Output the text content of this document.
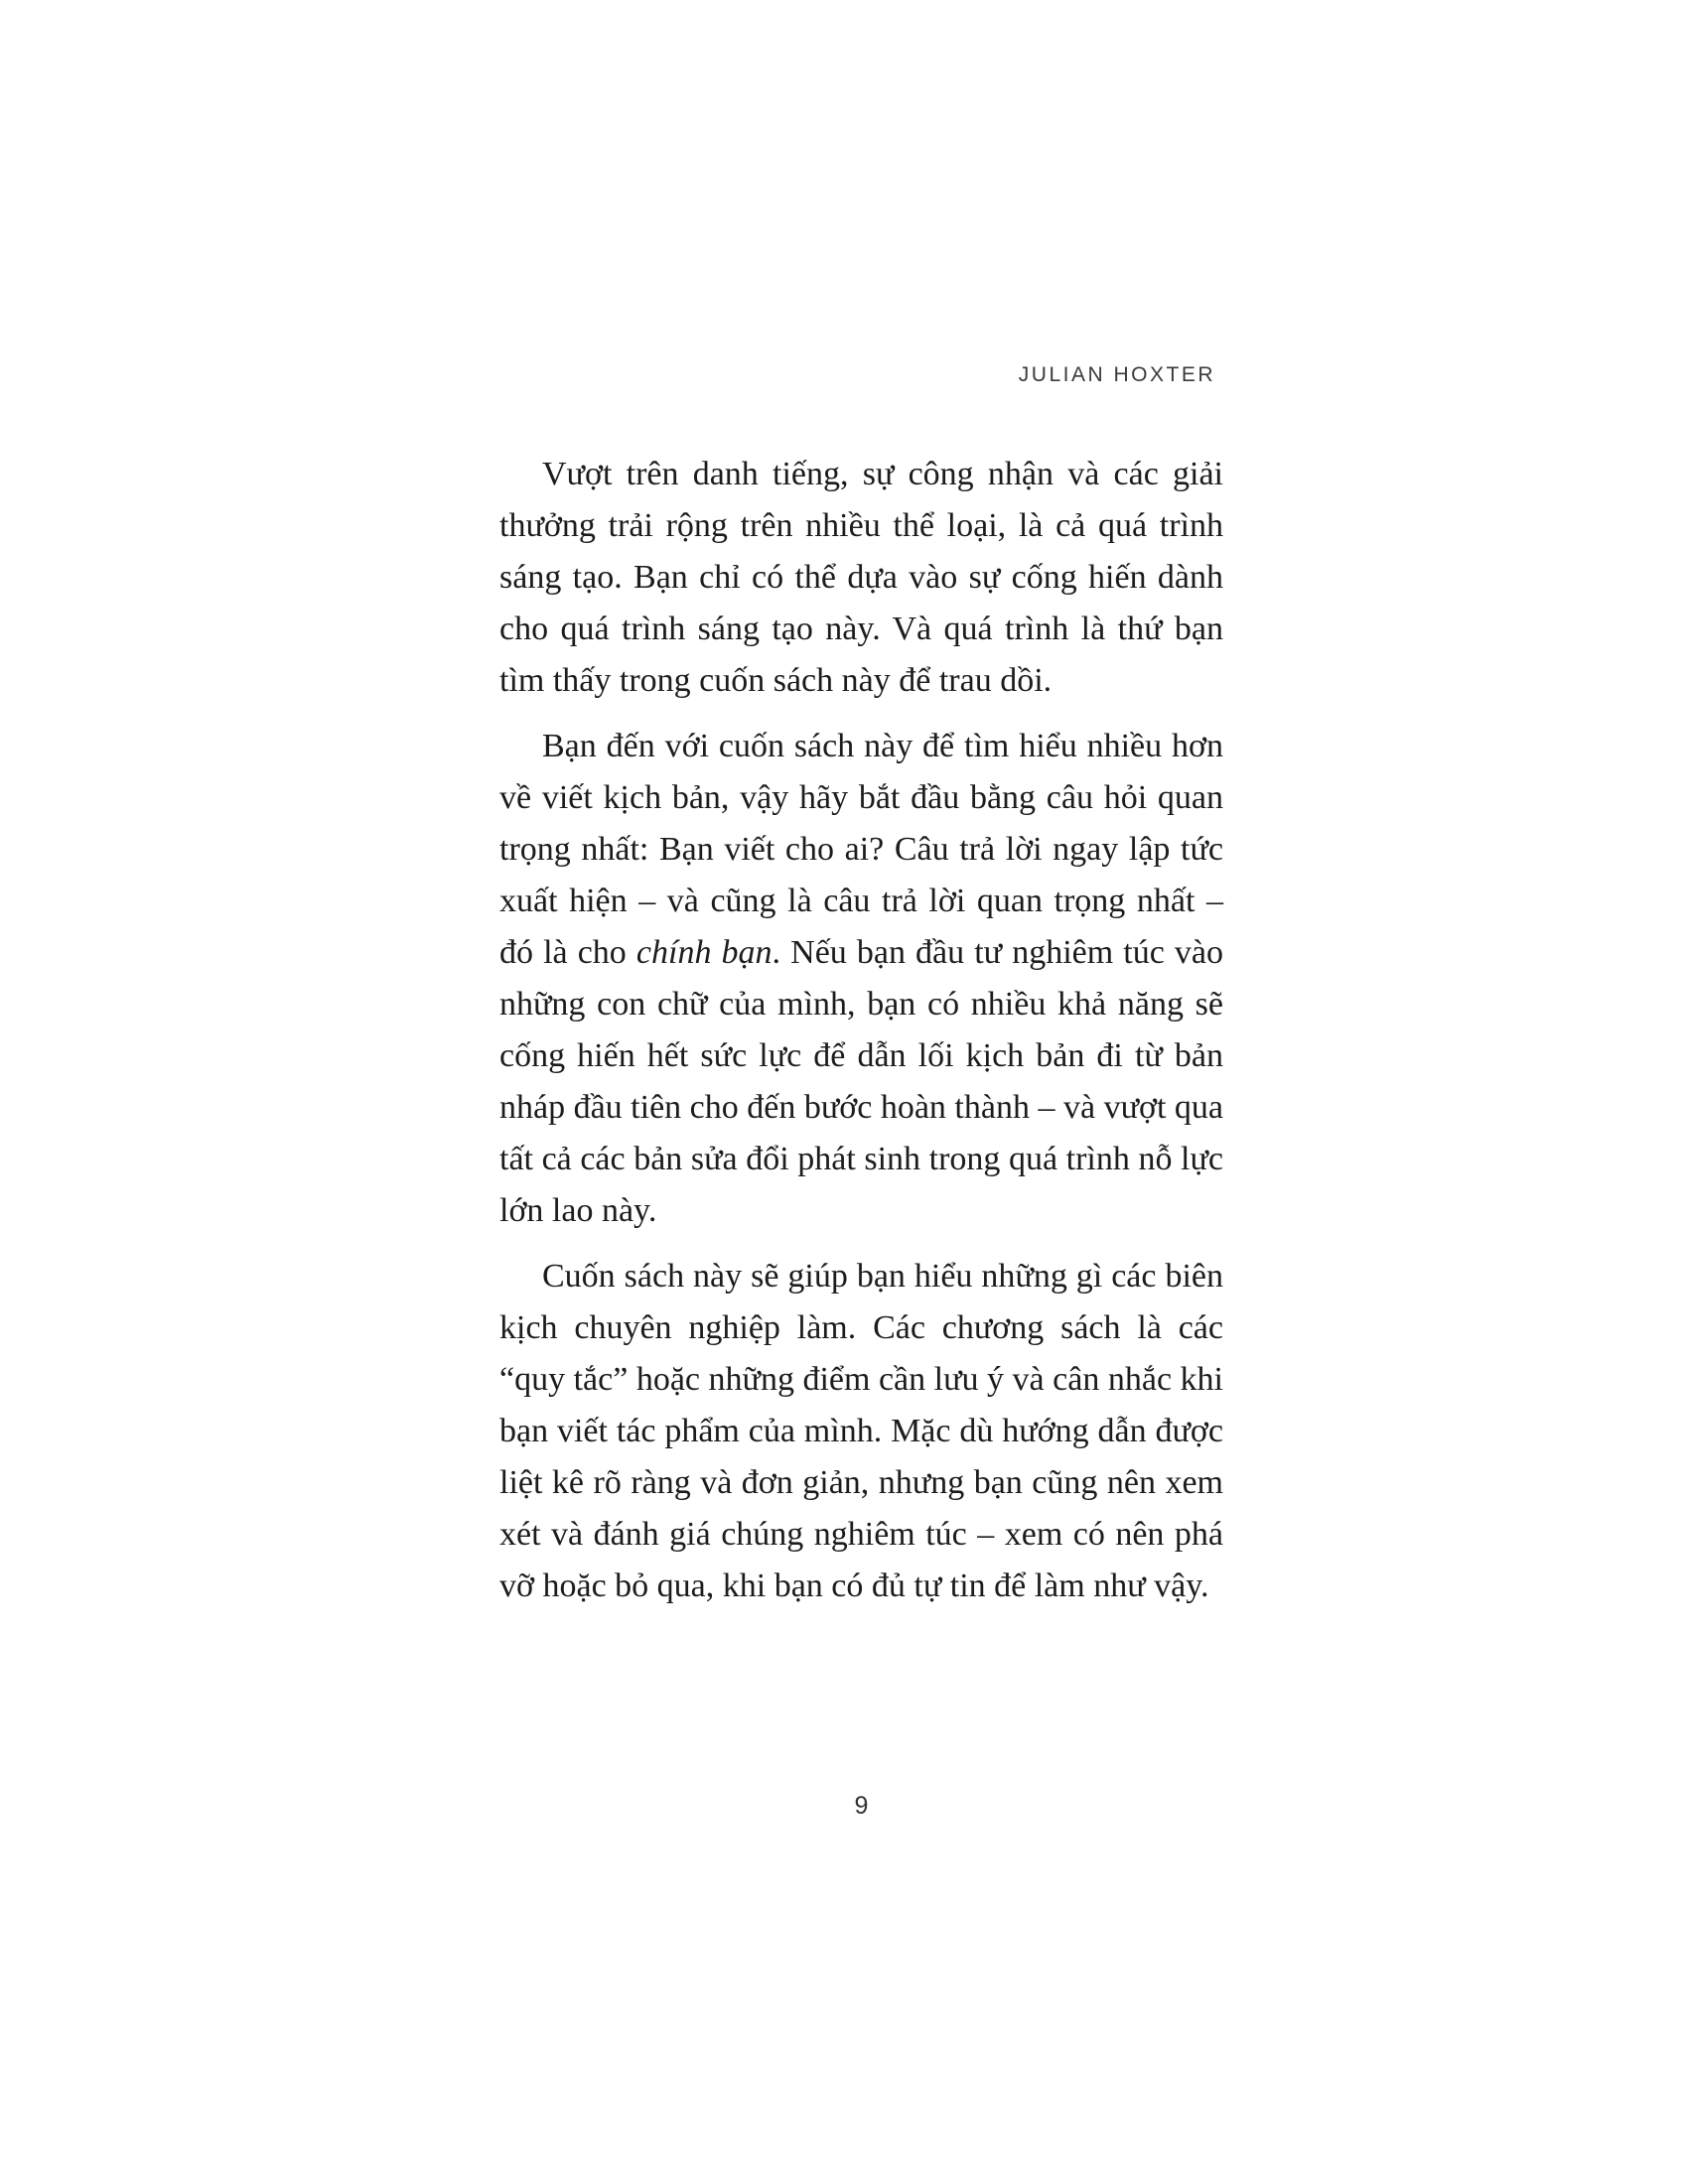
JULIAN HOXTER

Vượt trên danh tiếng, sự công nhận và các giải thưởng trải rộng trên nhiều thể loại, là cả quá trình sáng tạo. Bạn chỉ có thể dựa vào sự cống hiến dành cho quá trình sáng tạo này. Và quá trình là thứ bạn tìm thấy trong cuốn sách này để trau dồi.

Bạn đến với cuốn sách này để tìm hiểu nhiều hơn về viết kịch bản, vậy hãy bắt đầu bằng câu hỏi quan trọng nhất: Bạn viết cho ai? Câu trả lời ngay lập tức xuất hiện – và cũng là câu trả lời quan trọng nhất – đó là cho chính bạn. Nếu bạn đầu tư nghiêm túc vào những con chữ của mình, bạn có nhiều khả năng sẽ cống hiến hết sức lực để dẫn lối kịch bản đi từ bản nháp đầu tiên cho đến bước hoàn thành – và vượt qua tất cả các bản sửa đổi phát sinh trong quá trình nỗ lực lớn lao này.

Cuốn sách này sẽ giúp bạn hiểu những gì các biên kịch chuyên nghiệp làm. Các chương sách là các “quy tắc” hoặc những điểm cần lưu ý và cân nhắc khi bạn viết tác phẩm của mình. Mặc dù hướng dẫn được liệt kê rõ ràng và đơn giản, nhưng bạn cũng nên xem xét và đánh giá chúng nghiêm túc – xem có nên phá vỡ hoặc bỏ qua, khi bạn có đủ tự tin để làm như vậy.

9
